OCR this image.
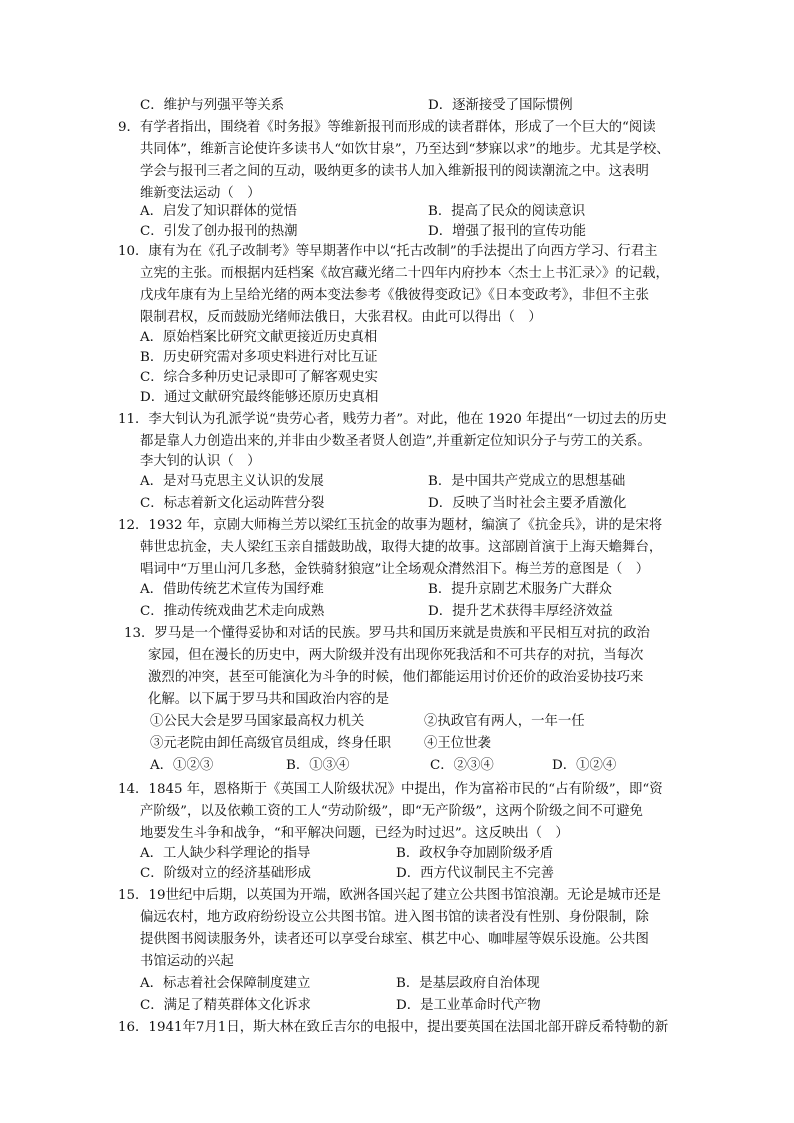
C．维护与列强平等关系	D．逐渐接受了国际惯例
9．有学者指出，围绕着《时务报》等维新报刊而形成的读者群体，形成了一个巨大的“阅读
共同体”，维新言论使许多读书人“如饮甘泉”，乃至达到“梦寐以求”的地步。尤其是学校、
学会与报刊三者之间的互动，吸纳更多的读书人加入维新报刊的阅读潮流之中。这表明
维新变法运动（　）
A．启发了知识群体的觉悟	B．提高了民众的阅读意识
C．引发了创办报刊的热潮	D．增强了报刊的宣传功能
10．康有为在《孔子改制考》等早期著作中以“托古改制”的手法提出了向西方学习、行君主
立宪的主张。而根据内廷档案《故宫藏光绪二十四年内府抄本〈杰士上书汇录〉》的记载，
戊戌年康有为上呈给光绪的两本变法参考《俄彼得变政记》《日本变政考》，非但不主张
限制君权，反而鼓励光绪师法俄日，大张君权。由此可以得出（　）
A．原始档案比研究文献更接近历史真相
B．历史研究需对多项史料进行对比互证
C．综合多种历史记录即可了解客观史实
D．通过文献研究最终能够还原历史真相
11．李大钊认为孔派学说“贵劳心者，贱劳力者”。对此，他在 1920 年提出“一切过去的历史
都是靠人力创造出来的,并非由少数圣者贤人创造”,并重新定位知识分子与劳工的关系。
李大钊的认识（　）
A．是对马克思主义认识的发展	B．是中国共产党成立的思想基础
C．标志着新文化运动阵营分裂	D．反映了当时社会主要矛盾激化
12．1932 年，京剧大师梅兰芳以梁红玉抗金的故事为题材，编演了《抗金兵》，讲的是宋将
韩世忠抗金，夫人梁红玉亲自擂鼓助战，取得大捷的故事。这部剧首演于上海天蟾舞台，
唱词中“万里山河几多愁，金铁骑豺狼寇”让全场观众潸然泪下。梅兰芳的意图是（　）
A．借助传统艺术宣传为国纾难	B．提升京剧艺术服务广大群众
C．推动传统戏曲艺术走向成熟	D．提升艺术获得丰厚经济效益
13．罗马是一个懂得妥协和对话的民族。罗马共和国历来就是贵族和平民相互对抗的政治
家园，但在漫长的历史中，两大阶级并没有出现你死我活和不可共存的对抗，当每次
激烈的冲突，甚至可能演化为斗争的时候，他们都能运用讨价还价的政治妥协技巧来
化解。以下属于罗马共和国政治内容的是
①公民大会是罗马国家最高权力机关	②执政官有两人，一年一任
③元老院由卸任高级官员组成，终身任职 ④王位世袭
A．①②③	B．①③④	C．②③④	D．①②④
14．1845 年，恩格斯于《英国工人阶级状况》中提出，作为富裕市民的“占有阶级”，即“资
产阶级”，以及依赖工资的工人“劳动阶级”，即“无产阶级”，这两个阶级之间不可避免
地要发生斗争和战争，“和平解决问题，已经为时过迟”。这反映出（　）
A．工人缺少科学理论的指导	B．政权争夺加剧阶级矛盾
C．阶级对立的经济基础形成	D．西方代议制民主不完善
15．19世纪中后期，以英国为开端，欧洲各国兴起了建立公共图书馆浪潮。无论是城市还是
偏远农村，地方政府纷纷设立公共图书馆。进入图书馆的读者没有性别、身份限制，除
提供图书阅读服务外，读者还可以享受台球室、棋艺中心、咖啡屋等娱乐设施。公共图
书馆运动的兴起
A．标志着社会保障制度建立	B．是基层政府自治体现
C．满足了精英群体文化诉求	D．是工业革命时代产物
16．1941年7月1日，斯大林在致丘吉尔的电报中，提出要英国在法国北部开辟反希特勒的新
